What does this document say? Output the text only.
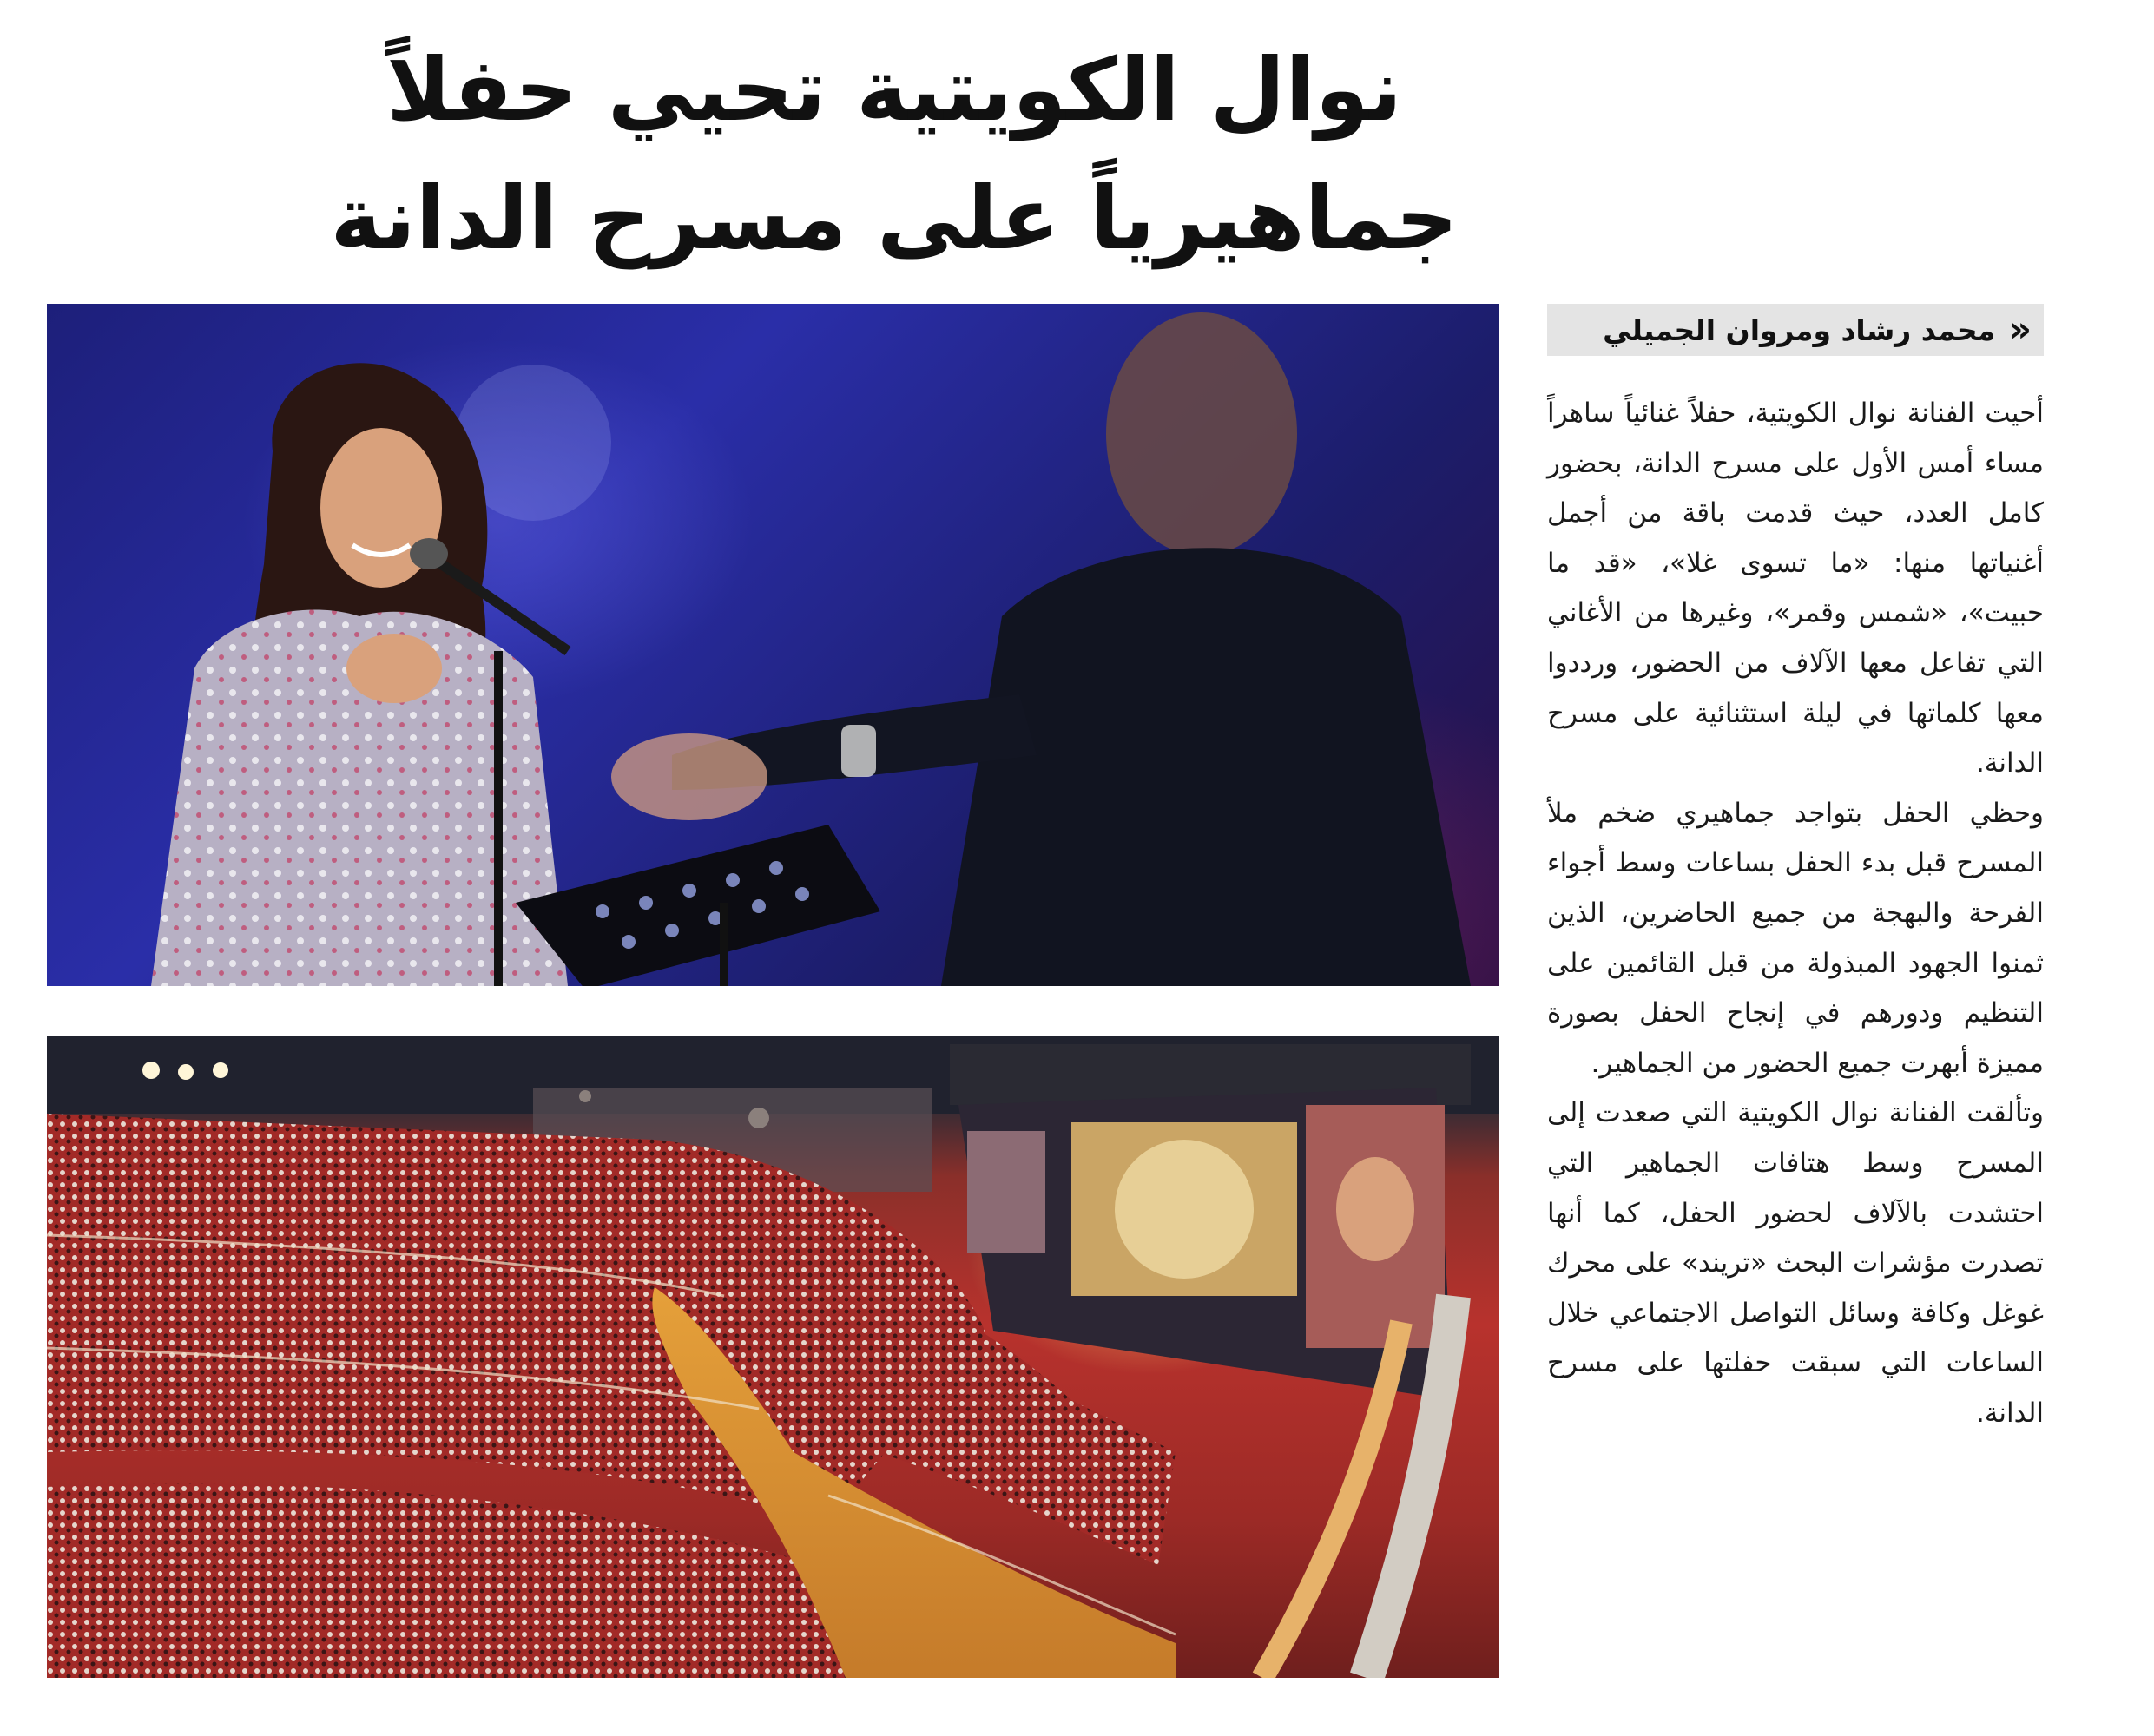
نوال الكويتية تحيي حفلاً
جماهيرياً على مسرح الدانة
«
محمد رشاد ومروان الجميلي

أحيت الفنانة نوال الكويتية، حفلاً غنائياً ساهراً مساء أمس الأول على مسرح الدانة، بحضور كامل العدد، حيث قدمت باقة من أجمل أغنياتها منها: «ما تسوى غلا»، «قد ما حبيت»، «شمس وقمر»، وغيرها من الأغاني التي تفاعل معها الآلاف من الحضور، ورددوا معها كلماتها في ليلة استثنائية على مسرح الدانة.

وحظي الحفل بتواجد جماهيري ضخم ملأ المسرح قبل بدء الحفل بساعات وسط أجواء الفرحة والبهجة من جميع الحاضرين، الذين ثمنوا الجهود المبذولة من قبل القائمين على التنظيم ودورهم في إنجاح الحفل بصورة مميزة أبهرت جميع الحضور من الجماهير.

وتألقت الفنانة نوال الكويتية التي صعدت إلى المسرح وسط هتافات الجماهير التي احتشدت بالآلاف لحضور الحفل، كما أنها تصدرت مؤشرات البحث «تريند» على محرك غوغل وكافة وسائل التواصل الاجتماعي خلال الساعات التي سبقت حفلتها على مسرح الدانة.
